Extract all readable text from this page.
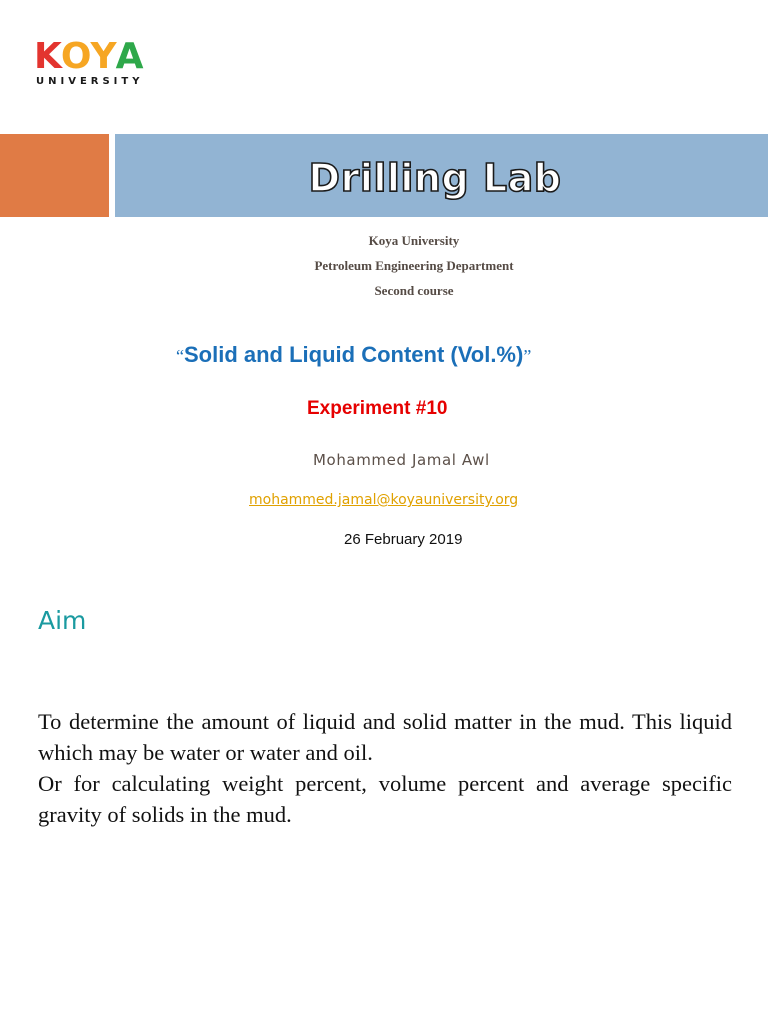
KOYA
UNIVERSITY
Drilling Lab
Koya University
Petroleum Engineering Department
Second course
“Solid and Liquid Content (Vol.%)”
Experiment #10
Mohammed Jamal Awl
mohammed.jamal@koyauniversity.org
26 February 2019
Aim

To determine the amount of liquid and solid matter in the mud. This liquid which may be water or water and oil.

Or for calculating weight percent, volume percent and average specific gravity of solids in the mud.
